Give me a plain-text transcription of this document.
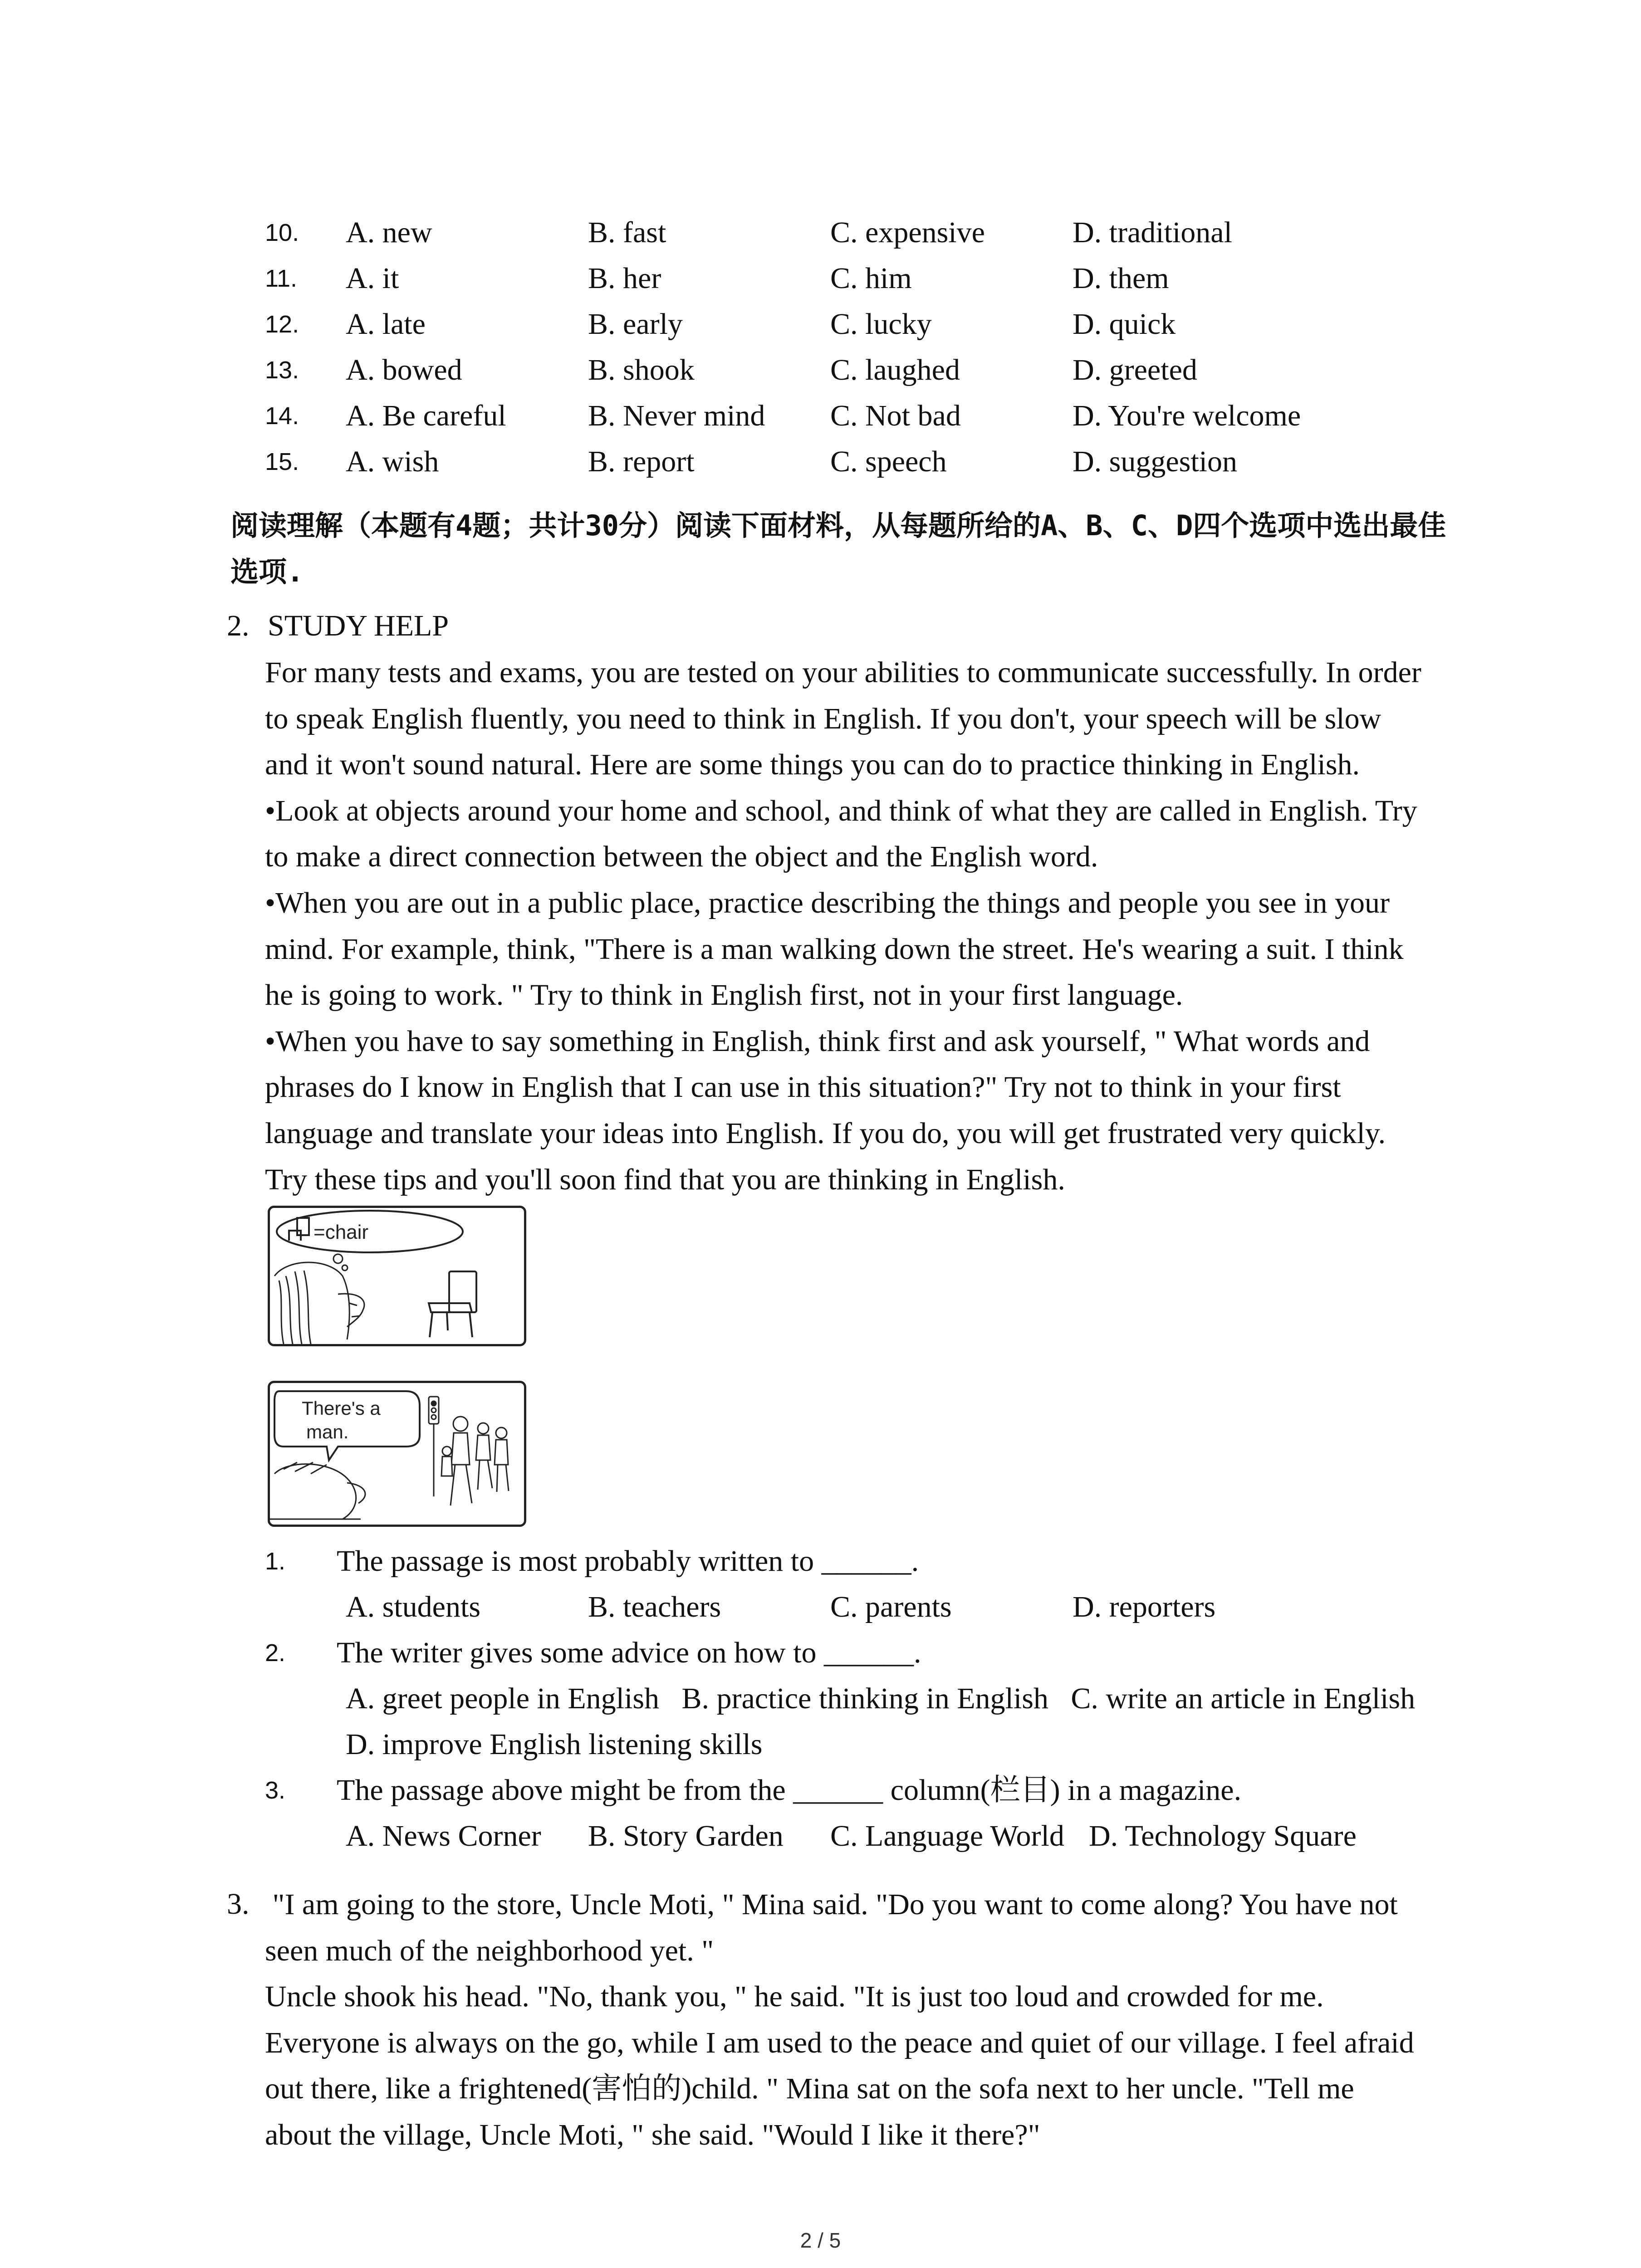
10. A. new	B. fast	C. expensive	D. traditional
11. A. it	B. her	C. him	D. them
12. A. late	B. early	C. lucky	D. quick
13. A. bowed	B. shook	C. laughed	D. greeted
14. A. Be careful	B. Never mind C. Not bad	D. You're welcome
15. A. wish	B. report	C. speech	D. suggestion
阅读理解（本题有4题；共计30分）阅读下面材料，从每题所给的A、B、C、D四个选项中选出最佳选项.
2. STUDY HELP

For many tests and exams, you are tested on your abilities to communicate successfully. In order

to speak English fluently, you need to think in English. If you don't, your speech will be slow

and it won't sound natural. Here are some things you can do to practice thinking in English.

•Look at objects around your home and school, and think of what they are called in English. Try

to make a direct connection between the object and the English word.

•When you are out in a public place, practice describing the things and people you see in your

mind. For example, think, "There is a man walking down the street. He's wearing a suit. I think

he is going to work. " Try to think in English first, not in your first language.

•When you have to say something in English, think first and ask yourself, " What words and

phrases do I know in English that I can use in this situation?" Try not to think in your first

language and translate your ideas into English. If you do, you will get frustrated very quickly.

Try these tips and you'll soon find that you are thinking in English.

=chair
There's a
man.
1. The passage is most probably written to ______.
A. students	B. teachers	C. parents	D. reporters
2. The writer gives some advice on how to ______.
A. greet people in English   B. practice thinking in English   C. write an article in English
D. improve English listening skills
3. The passage above might be from the ______ column(栏目) in a magazine.
A. News Corner B. Story Garden C. Language World D. Technology Square
3. "I am going to the store, Uncle Moti, " Mina said. "Do you want to come along? You have not

seen much of the neighborhood yet. "

Uncle shook his head. "No, thank you, " he said. "It is just too loud and crowded for me.

Everyone is always on the go, while I am used to the peace and quiet of our village. I feel afraid

out there, like a frightened(害怕的)child. " Mina sat on the sofa next to her uncle. "Tell me

about the village, Uncle Moti, " she said. "Would I like it there?"

2 / 5
